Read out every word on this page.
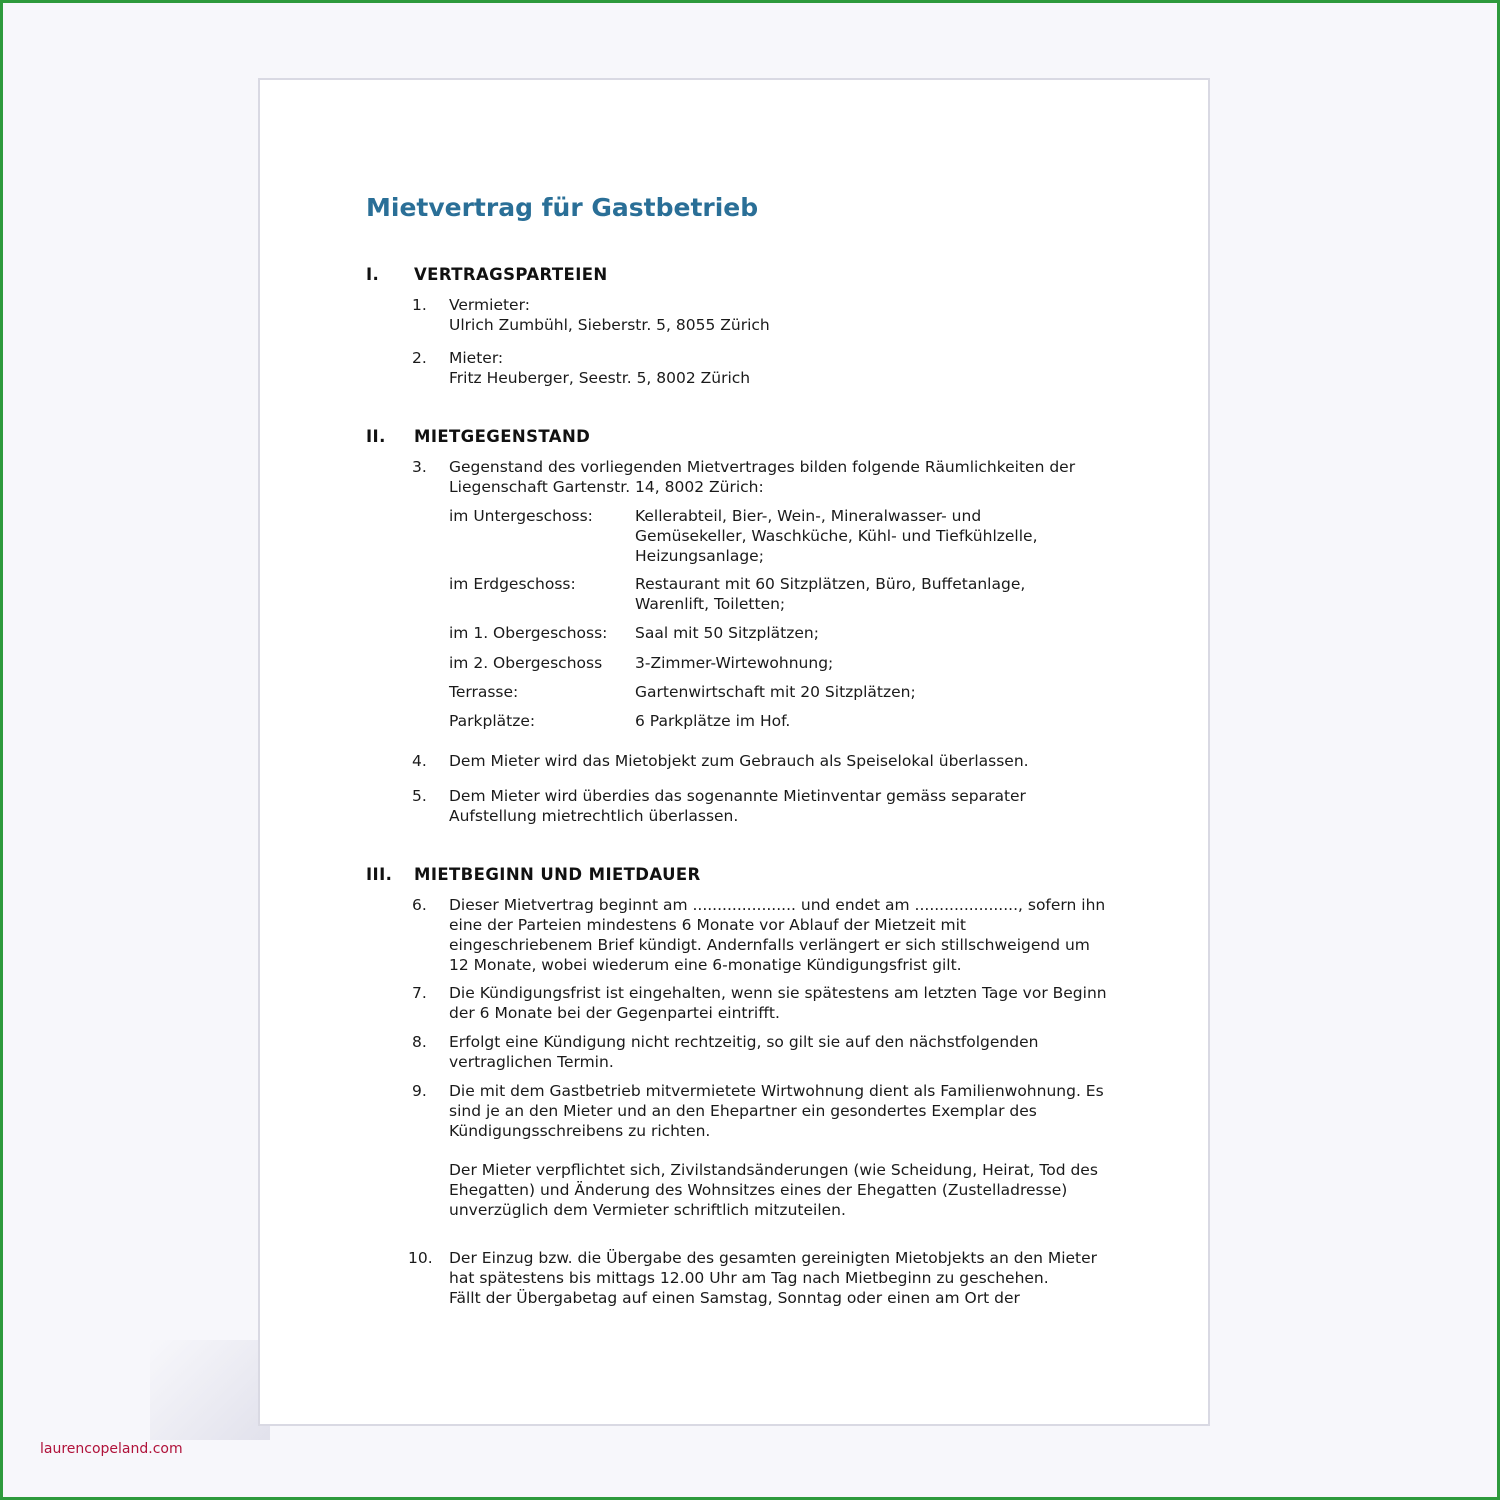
Mietvertrag für Gastbetrieb
I. VERTRAGSPARTEIEN
1.	Vermieter:
Ulrich Zumbühl, Sieberstr. 5, 8055 Zürich
2.	Mieter:
Fritz Heuberger, Seestr. 5, 8002 Zürich
II. MIETGEGENSTAND
3.	Gegenstand des vorliegenden Mietvertrages bilden folgende Räumlichkeiten der Liegenschaft Gartenstr. 14, 8002 Zürich:
im Untergeschoss:	Kellerabteil, Bier-, Wein-, Mineralwasser- und Gemüsekeller, Waschküche, Kühl- und Tiefkühlzelle, Heizungsanlage;
im Erdgeschoss:	Restaurant mit 60 Sitzplätzen, Büro, Buffetanlage, Warenlift, Toiletten;
im 1. Obergeschoss: Saal mit 50 Sitzplätzen;
im 2. Obergeschoss 3-Zimmer-Wirtewohnung;
Terrasse:	Gartenwirtschaft mit 20 Sitzplätzen;
Parkplätze:	6 Parkplätze im Hof.
4.	Dem Mieter wird das Mietobjekt zum Gebrauch als Speiselokal überlassen.
5.	Dem Mieter wird überdies das sogenannte Mietinventar gemäss separater Aufstellung mietrechtlich überlassen.
III. MIETBEGINN UND MIETDAUER
6.	Dieser Mietvertrag beginnt am ..................... und endet am ....................., sofern ihn eine der Parteien mindestens 6 Monate vor Ablauf der Mietzeit mit eingeschriebenem Brief kündigt. Andernfalls verlängert er sich stillschweigend um 12 Monate, wobei wiederum eine 6-monatige Kündigungsfrist gilt.
7.	Die Kündigungsfrist ist eingehalten, wenn sie spätestens am letzten Tage vor Beginn der 6 Monate bei der Gegenpartei eintrifft.
8.	Erfolgt eine Kündigung nicht rechtzeitig, so gilt sie auf den nächstfolgenden vertraglichen Termin.
9.	Die mit dem Gastbetrieb mitvermietete Wirtwohnung dient als Familienwohnung. Es sind je an den Mieter und an den Ehepartner ein gesondertes Exemplar des Kündigungsschreibens zu richten.
Der Mieter verpflichtet sich, Zivilstandsänderungen (wie Scheidung, Heirat, Tod des Ehegatten) und Änderung des Wohnsitzes eines der Ehegatten (Zustelladresse) unverzüglich dem Vermieter schriftlich mitzuteilen.
10.	Der Einzug bzw. die Übergabe des gesamten gereinigten Mietobjekts an den Mieter hat spätestens bis mittags 12.00 Uhr am Tag nach Mietbeginn zu geschehen.
Fällt der Übergabetag auf einen Samstag, Sonntag oder einen am Ort der
laurencopeland.com
